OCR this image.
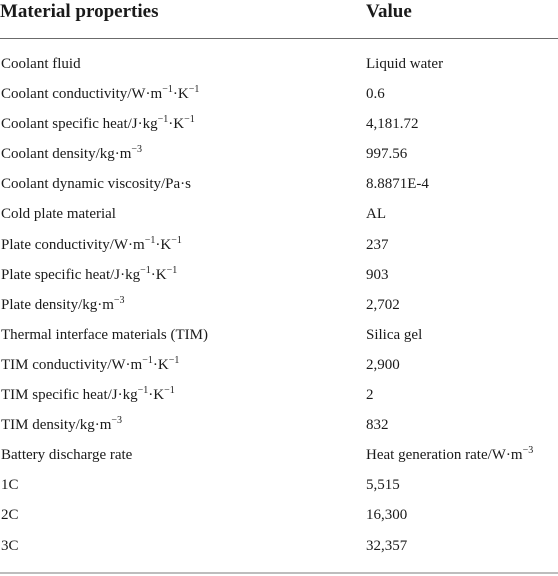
Material properties	Value
Coolant fluid	Liquid water
Coolant conductivity/$W\cdot m^{-1}\cdot K^{-1}$	0.6
Coolant specific heat/$J\cdot kg^{-1}\cdot K^{-1}$	4,181.72
Coolant density/$kg\cdot m^{-3}$	997.56
Coolant dynamic viscosity/Pa·s	8.8871E-4
Cold plate material	AL
Plate conductivity/$W\cdot m^{-1}\cdot K^{-1}$	237
Plate specific heat/$J\cdot kg^{-1}\cdot K^{-1}$	903
Plate density/$kg\cdot m^{-3}$	2,702
Thermal interface materials (TIM)	Silica gel
TIM conductivity/$W\cdot m^{-1}\cdot K^{-1}$	2,900
TIM specific heat/$J\cdot kg^{-1}\cdot K^{-1}$	2
TIM density/$kg\cdot m^{-3}$	832
Battery discharge rate	Heat generation rate/$W\cdot m^{-3}$
1C	5,515
2C	16,300
3C	32,357
